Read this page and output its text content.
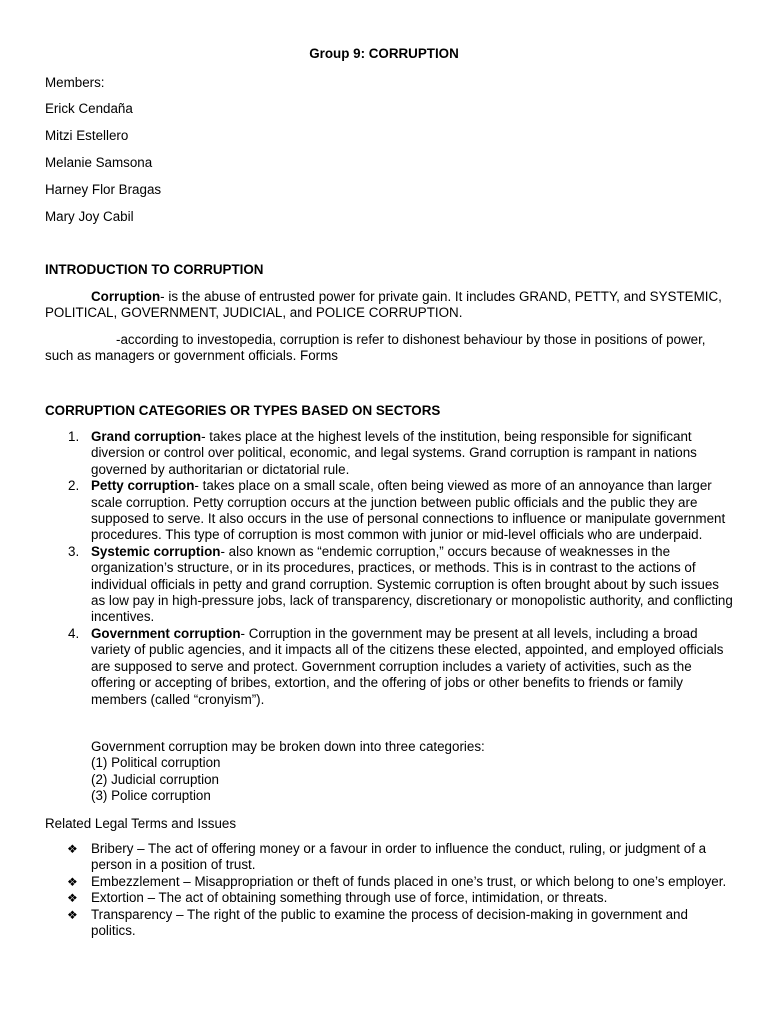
Group 9: CORRUPTION
Members:
Erick Cendaña
Mitzi Estellero
Melanie Samsona
Harney Flor Bragas
Mary Joy Cabil
INTRODUCTION TO CORRUPTION
Corruption- is the abuse of entrusted power for private gain. It includes GRAND, PETTY, and SYSTEMIC, POLITICAL, GOVERNMENT, JUDICIAL, and POLICE CORRUPTION.
-according to investopedia, corruption is refer to dishonest behaviour by those in positions of power, such as managers or government officials. Forms
CORRUPTION CATEGORIES OR TYPES BASED ON SECTORS
1. Grand corruption- takes place at the highest levels of the institution, being responsible for significant diversion or control over political, economic, and legal systems. Grand corruption is rampant in nations governed by authoritarian or dictatorial rule.
2. Petty corruption- takes place on a small scale, often being viewed as more of an annoyance than larger scale corruption. Petty corruption occurs at the junction between public officials and the public they are supposed to serve. It also occurs in the use of personal connections to influence or manipulate government procedures. This type of corruption is most common with junior or mid-level officials who are underpaid.
3. Systemic corruption- also known as “endemic corruption,” occurs because of weaknesses in the organization’s structure, or in its procedures, practices, or methods. This is in contrast to the actions of individual officials in petty and grand corruption. Systemic corruption is often brought about by such issues as low pay in high-pressure jobs, lack of transparency, discretionary or monopolistic authority, and conflicting incentives.
4. Government corruption- Corruption in the government may be present at all levels, including a broad variety of public agencies, and it impacts all of the citizens these elected, appointed, and employed officials are supposed to serve and protect. Government corruption includes a variety of activities, such as the offering or accepting of bribes, extortion, and the offering of jobs or other benefits to friends or family members (called “cronyism”).
Government corruption may be broken down into three categories:
(1) Political corruption
(2) Judicial corruption
(3) Police corruption
Related Legal Terms and Issues
❖ Bribery – The act of offering money or a favour in order to influence the conduct, ruling, or judgment of a person in a position of trust.
❖ Embezzlement – Misappropriation or theft of funds placed in one’s trust, or which belong to one’s employer.
❖ Extortion – The act of obtaining something through use of force, intimidation, or threats.
❖ Transparency – The right of the public to examine the process of decision-making in government and politics.
